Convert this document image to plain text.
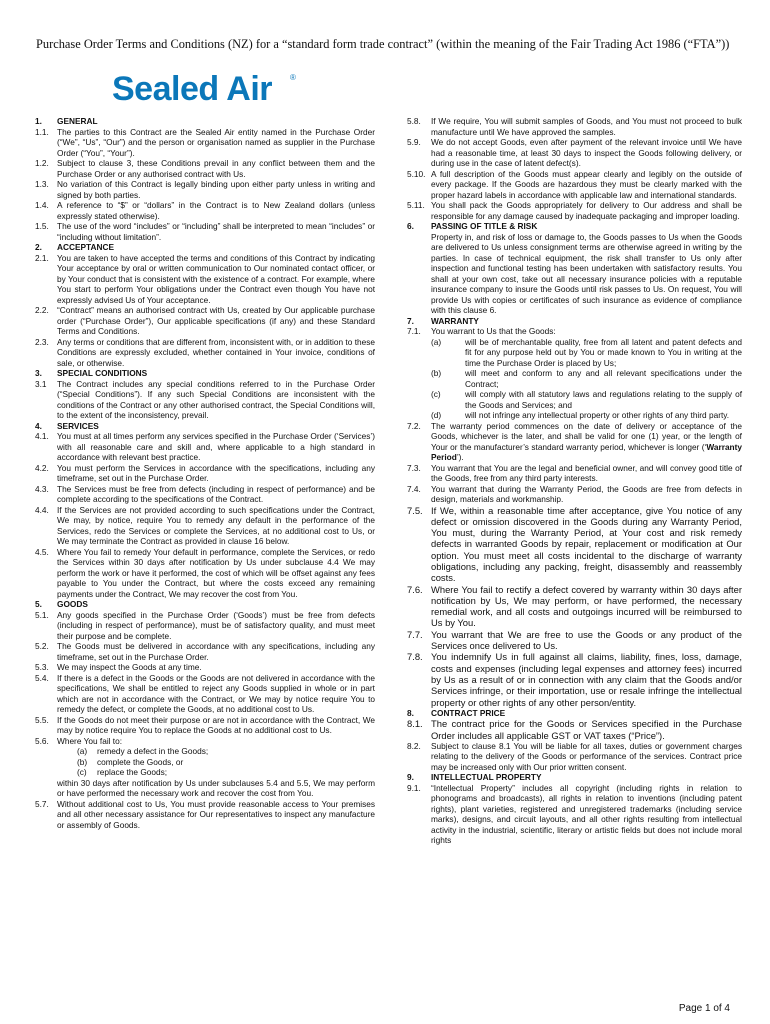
Purchase Order Terms and Conditions (NZ) for a “standard form trade contract” (within the meaning of the Fair Trading Act 1986 (“FTA”))
Sealed Air ®
1.	GENERAL
1.1. The parties to this Contract are the Sealed Air entity named in the Purchase Order (“We”, “Us”, “Our”) and the person or organisation named as supplier in the Purchase Order (“You”, “Your”).
1.2. Subject to clause 3, these Conditions prevail in any conflict between them and the Purchase Order or any authorised contract with Us.
1.3. No variation of this Contract is legally binding upon either party unless in writing and signed by both parties.
1.4. A reference to “$” or “dollars” in the Contract is to New Zealand dollars (unless expressly stated otherwise).
1.5. The use of the word “includes” or “including” shall be interpreted to mean “includes” or “including without limitation”.
2.	ACCEPTANCE
2.1. You are taken to have accepted the terms and conditions of this Contract by indicating Your acceptance by oral or written communication to Our nominated contact officer, or by Your conduct that is consistent with the existence of a contract. For example, where You start to perform Your obligations under the Contract even though You have not expressly advised Us of Your acceptance.
2.2. “Contract” means an authorised contract with Us, created by Our applicable purchase order (“Purchase Order”), Our applicable specifications (if any) and these Standard Terms and Conditions.
2.3. Any terms or conditions that are different from, inconsistent with, or in addition to these Conditions are expressly excluded, whether contained in Your invoice, conditions of sale, or otherwise.
3.	SPECIAL CONDITIONS
3.1	The Contract includes any special conditions referred to in the Purchase Order (“Special Conditions”). If any such Special Conditions are inconsistent with the conditions of the Contract or any other authorised contract, the Special Conditions will, to the extent of the inconsistency, prevail.
4.	SERVICES
4.1. You must at all times perform any services specified in the Purchase Order (‘Services’) with all reasonable care and skill and, where applicable to a high standard in accordance with relevant best practice.
4.2. You must perform the Services in accordance with the specifications, including any timeframe, set out in the Purchase Order.
4.3. The Services must be free from defects (including in respect of performance) and be complete according to the specifications of the Contract.
4.4. If the Services are not provided according to such specifications under the Contract, We may, by notice, require You to remedy any default in the performance of the Services, redo the Services or complete the Services, at no additional cost to Us, or We may terminate the Contract as provided in clause 16 below.
4.5. Where You fail to remedy Your default in performance, complete the Services, or redo the Services within 30 days after notification by Us under subclause 4.4 We may perform the work or have it performed, the cost of which will be offset against any fees payable to You under the Contract, but where the costs exceed any remaining payments under the Contract, We may recover the cost from You.
5.	GOODS
5.1. Any goods specified in the Purchase Order (‘Goods’) must be free from defects (including in respect of performance), must be of satisfactory quality, and must meet their purpose and be complete.
5.2. The Goods must be delivered in accordance with any specifications, including any timeframe, set out in the Purchase Order.
5.3. We may inspect the Goods at any time.
5.4. If there is a defect in the Goods or the Goods are not delivered in accordance with the specifications, We shall be entitled to reject any Goods supplied in whole or in part which are not in accordance with the Contract, or We may by notice require You to remedy the defect, or complete the Goods, at no additional cost to Us.
5.5. If the Goods do not meet their purpose or are not in accordance with the Contract, We may by notice require You to replace the Goods at no additional cost to Us.
5.6. Where You fail to:
(a)	remedy a defect in the Goods;
(b)	complete the Goods, or
(c)	replace the Goods;
within 30 days after notification by Us under subclauses 5.4 and 5.5, We may perform or have performed the necessary work and recover the cost from You.
5.7. Without additional cost to Us, You must provide reasonable access to Your premises and all other necessary assistance for Our representatives to inspect any manufacture or assembly of Goods.
5.8.	If We require, You will submit samples of Goods, and You must not proceed to bulk manufacture until We have approved the samples.
5.9.	We do not accept Goods, even after payment of the relevant invoice until We have had a reasonable time, at least 30 days to inspect the Goods following delivery, or during use in the case of latent defect(s).
5.10. A full description of the Goods must appear clearly and legibly on the outside of every package. If the Goods are hazardous they must be clearly marked with the proper hazard labels in accordance with applicable law and international standards.
5.11. You shall pack the Goods appropriately for delivery to Our address and shall be responsible for any damage caused by inadequate packaging and improper loading.
6.	PASSING OF TITLE & RISK
Property in, and risk of loss or damage to, the Goods passes to Us when the Goods are delivered to Us unless consignment terms are otherwise agreed in writing by the parties. In case of technical equipment, the risk shall transfer to Us only after inspection and functional testing has been undertaken with satisfactory results. You shall at your own cost, take out all necessary insurance policies with a reputable insurance company to insure the Goods until risk passes to Us. On request, You will provide Us with copies or certificates of such insurance as evidence of compliance with this clause 6.
7.	WARRANTY
7.1.	You warrant to Us that the Goods:
(a)	will be of merchantable quality, free from all latent and patent defects and fit for any purpose held out by You or made known to You in writing at the time the Purchase Order is placed by Us;
(b)	will meet and conform to any and all relevant specifications under the Contract;
(c)	will comply with all statutory laws and regulations relating to the supply of the Goods and Services; and
(d)	will not infringe any intellectual property or other rights of any third party.
7.2.	The warranty period commences on the date of delivery or acceptance of the Goods, whichever is the later, and shall be valid for one (1) year, or the length of Your or the manufacturer’s standard warranty period, whichever is longer (‘Warranty Period’).
7.3.	You warrant that You are the legal and beneficial owner, and will convey good title of the Goods, free from any third party interests.
7.4.	You warrant that during the Warranty Period, the Goods are free from defects in design, materials and workmanship.
7.5. If We, within a reasonable time after acceptance, give You notice of any defect or omission discovered in the Goods during any Warranty Period, You must, during the Warranty Period, at Your cost and risk remedy defects in warranted Goods by repair, replacement or modification at Our option. You must meet all costs incidental to the discharge of warranty obligations, including any packing, freight, disassembly and reassembly costs.
7.6. Where You fail to rectify a defect covered by warranty within 30 days after notification by Us, We may perform, or have performed, the necessary remedial work, and all costs and outgoings incurred will be reimbursed to Us by You.
7.7. You warrant that We are free to use the Goods or any product of the Services once delivered to Us.
7.8. You indemnify Us in full against all claims, liability, fines, loss, damage, costs and expenses (including legal expenses and attorney fees) incurred by Us as a result of or in connection with any claim that the Goods and/or Services infringe, or their importation, use or resale infringe the intellectual property or other rights of any other person/entity.
8.	CONTRACT PRICE
8.1. The contract price for the Goods or Services specified in the Purchase Order includes all applicable GST or VAT taxes (“Price”).
8.2.	Subject to clause 8.1 You will be liable for all taxes, duties or government charges relating to the delivery of the Goods or performance of the services. Contract price may be increased only with Our prior written consent.
9.	INTELLECTUAL PROPERTY
9.1.	“Intellectual Property” includes all copyright (including rights in relation to phonograms and broadcasts), all rights in relation to inventions (including patent rights), plant varieties, registered and unregistered trademarks (including service marks), designs, and circuit layouts, and all other rights resulting from intellectual activity in the industrial, scientific, literary or artistic fields but does not include moral rights
Page 1 of 4
